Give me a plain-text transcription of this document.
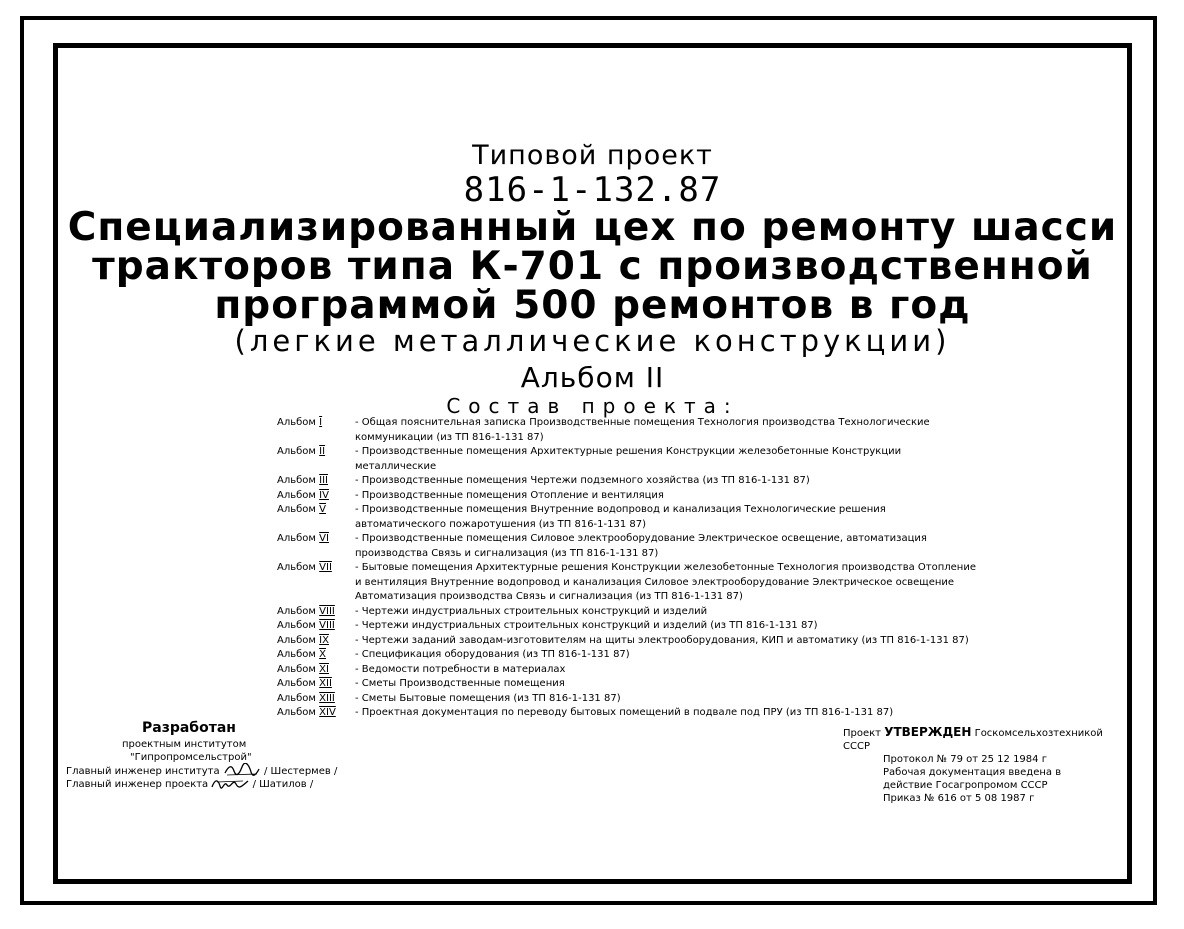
Типовой проект
816-1-132.87
Специализированный цех по ремонту шасси
тракторов типа К-701 с производственной
программой 500 ремонтов в год
(легкие металлические конструкции)
Альбом II
Состав проекта:
Альбом I	- Общая пояснительная записка Производственные помещения Технология производства Технологические коммуникации (из ТП 816-1-131 87)
Альбом II	- Производственные помещения Архитектурные решения Конструкции железобетонные Конструкции металлические
Альбом III	- Производственные помещения Чертежи подземного хозяйства (из ТП 816-1-131 87)
Альбом IV	- Производственные помещения Отопление и вентиляция
Альбом V	- Производственные помещения Внутренние водопровод и канализация Технологические решения автоматического пожаротушения (из ТП 816-1-131 87)
Альбом VI	- Производственные помещения Силовое электрооборудование Электрическое освещение, автоматизация производства Связь и сигнализация (из ТП 816-1-131 87)
Альбом VII	- Бытовые помещения Архитектурные решения Конструкции железобетонные Технология производства Отопление и вентиляция Внутренние водопровод и канализация Силовое электрооборудование Электрическое освещение Автоматизация производства Связь и сигнализация (из ТП 816-1-131 87)
Альбом VIII	- Чертежи индустриальных строительных конструкций и изделий
Альбом VIII	- Чертежи индустриальных строительных конструкций и изделий (из ТП 816-1-131 87)
Альбом IX	- Чертежи заданий заводам-изготовителям на щиты электрооборудования, КИП и автоматику (из ТП 816-1-131 87)
Альбом X	- Спецификация оборудования (из ТП 816-1-131 87)
Альбом XI	- Ведомости потребности в материалах
Альбом XII	- Сметы Производственные помещения
Альбом XIII	- Сметы Бытовые помещения (из ТП 816-1-131 87)
Альбом XIV	- Проектная документация по переводу бытовых помещений в подвале под ПРУ (из ТП 816-1-131 87)
Разработан
проектным институтом
"Гипропромсельстрой"
Главный инженер института	/ Шестермев /
Главный инженер проекта	/ Шатилов /
Проект УТВЕРЖДЕН Госкомсельхозтехникой СССР
Протокол № 79 от 25 12 1984 г
Рабочая документация введена в
действие Госагропромом СССР
Приказ № 616 от 5 08 1987 г
